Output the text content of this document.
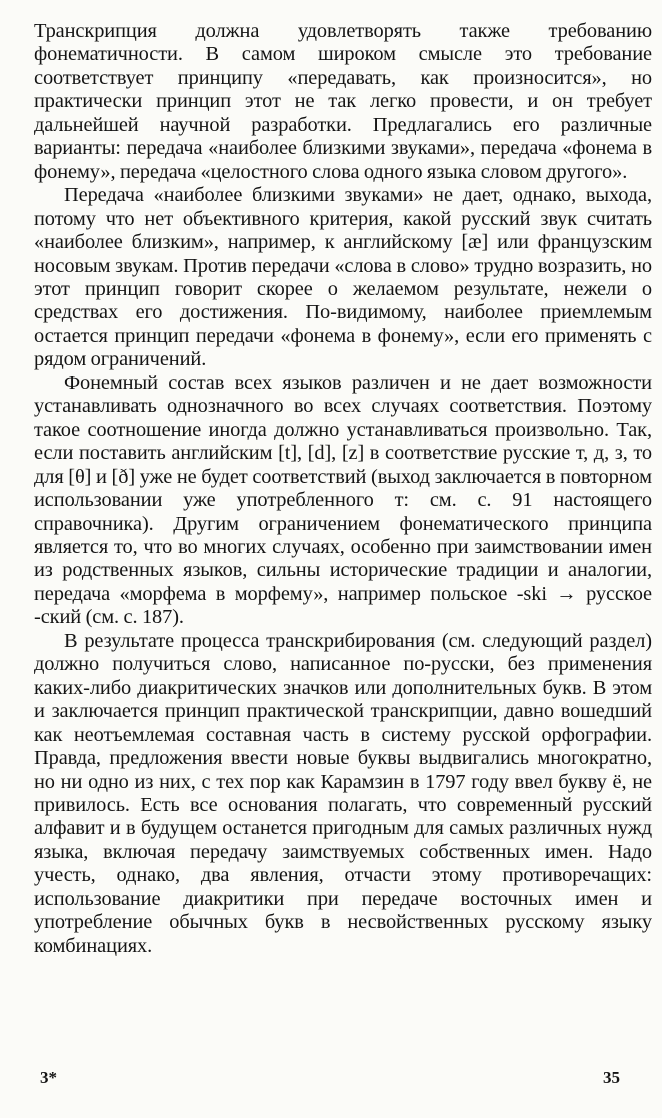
Транскрипция должна удовлетворять также требованию фонематичности. В самом широком смысле это требование соответствует принципу «передавать, как произносится», но практически принцип этот не так легко провести, и он требует дальнейшей научной разработки. Предлагались его различные варианты: передача «наиболее близкими звуками», передача «фонема в фонему», передача «целостного слова одного языка словом другого».

Передача «наиболее близкими звуками» не дает, однако, выхода, потому что нет объективного критерия, какой русский звук считать «наиболее близким», например, к английскому [æ] или французским носовым звукам. Против передачи «слова в слово» трудно возразить, но этот принцип говорит скорее о желаемом результате, нежели о средствах его достижения. По-видимому, наиболее приемлемым остается принцип передачи «фонема в фонему», если его применять с рядом ограничений.

Фонемный состав всех языков различен и не дает возможности устанавливать однозначного во всех случаях соответствия. Поэтому такое соотношение иногда должно устанавливаться произвольно. Так, если поставить английским [t], [d], [z] в соответствие русские т, д, з, то для [θ] и [ð] уже не будет соответствий (выход заключается в повторном использовании уже употребленного т: см. с. 91 настоящего справочника). Другим ограничением фонематического принципа является то, что во многих случаях, особенно при заимствовании имен из родственных языков, сильны исторические традиции и аналогии, передача «морфема в морфему», например польское -ski → русское -ский (см. с. 187).

В результате процесса транскрибирования (см. следующий раздел) должно получиться слово, написанное по-русски, без применения каких-либо диакритических значков или дополнительных букв. В этом и заключается принцип практической транскрипции, давно вошедший как неотъемлемая составная часть в систему русской орфографии. Правда, предложения ввести новые буквы выдвигались многократно, но ни одно из них, с тех пор как Карамзин в 1797 году ввел букву ё, не привилось. Есть все основания полагать, что современный русский алфавит и в будущем останется пригодным для самых различных нужд языка, включая передачу заимствуемых собственных имен. Надо учесть, однако, два явления, отчасти этому противоречащих: использование диакритики при передаче восточных имен и употребление обычных букв в несвойственных русскому языку комбинациях.

3*	35
